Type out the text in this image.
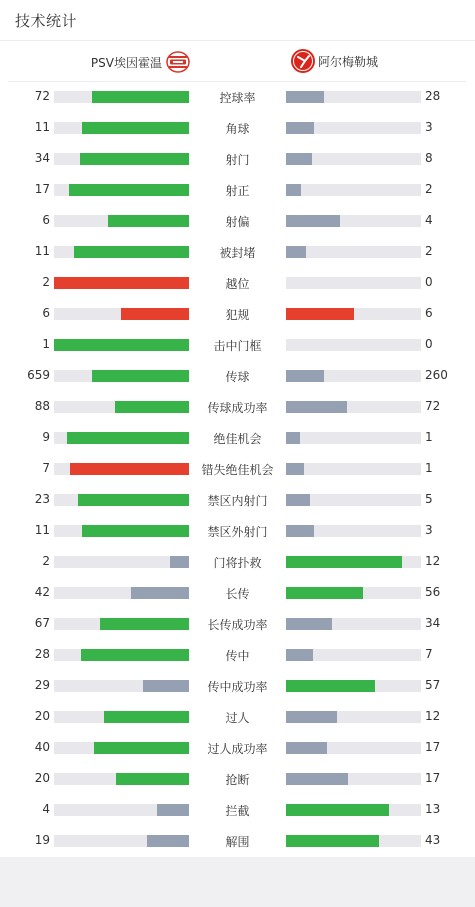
技术统计
PSV埃因霍温	阿尔梅勒城
72	控球率	28
11	角球	3
34	射门	8
17	射正	2
6	射偏	4
11	被封堵	2
2	越位	0
6	犯规	6
1	击中门框	0
659	传球	260
88	传球成功率	72
9	绝佳机会	1
7	错失绝佳机会	1
23	禁区内射门	5
11	禁区外射门	3
2	门将扑救	12
42	长传	56
67	长传成功率	34
28	传中	7
29	传中成功率	57
20	过人	12
40	过人成功率	17
20	抢断	17
4	拦截	13
19	解围	43
